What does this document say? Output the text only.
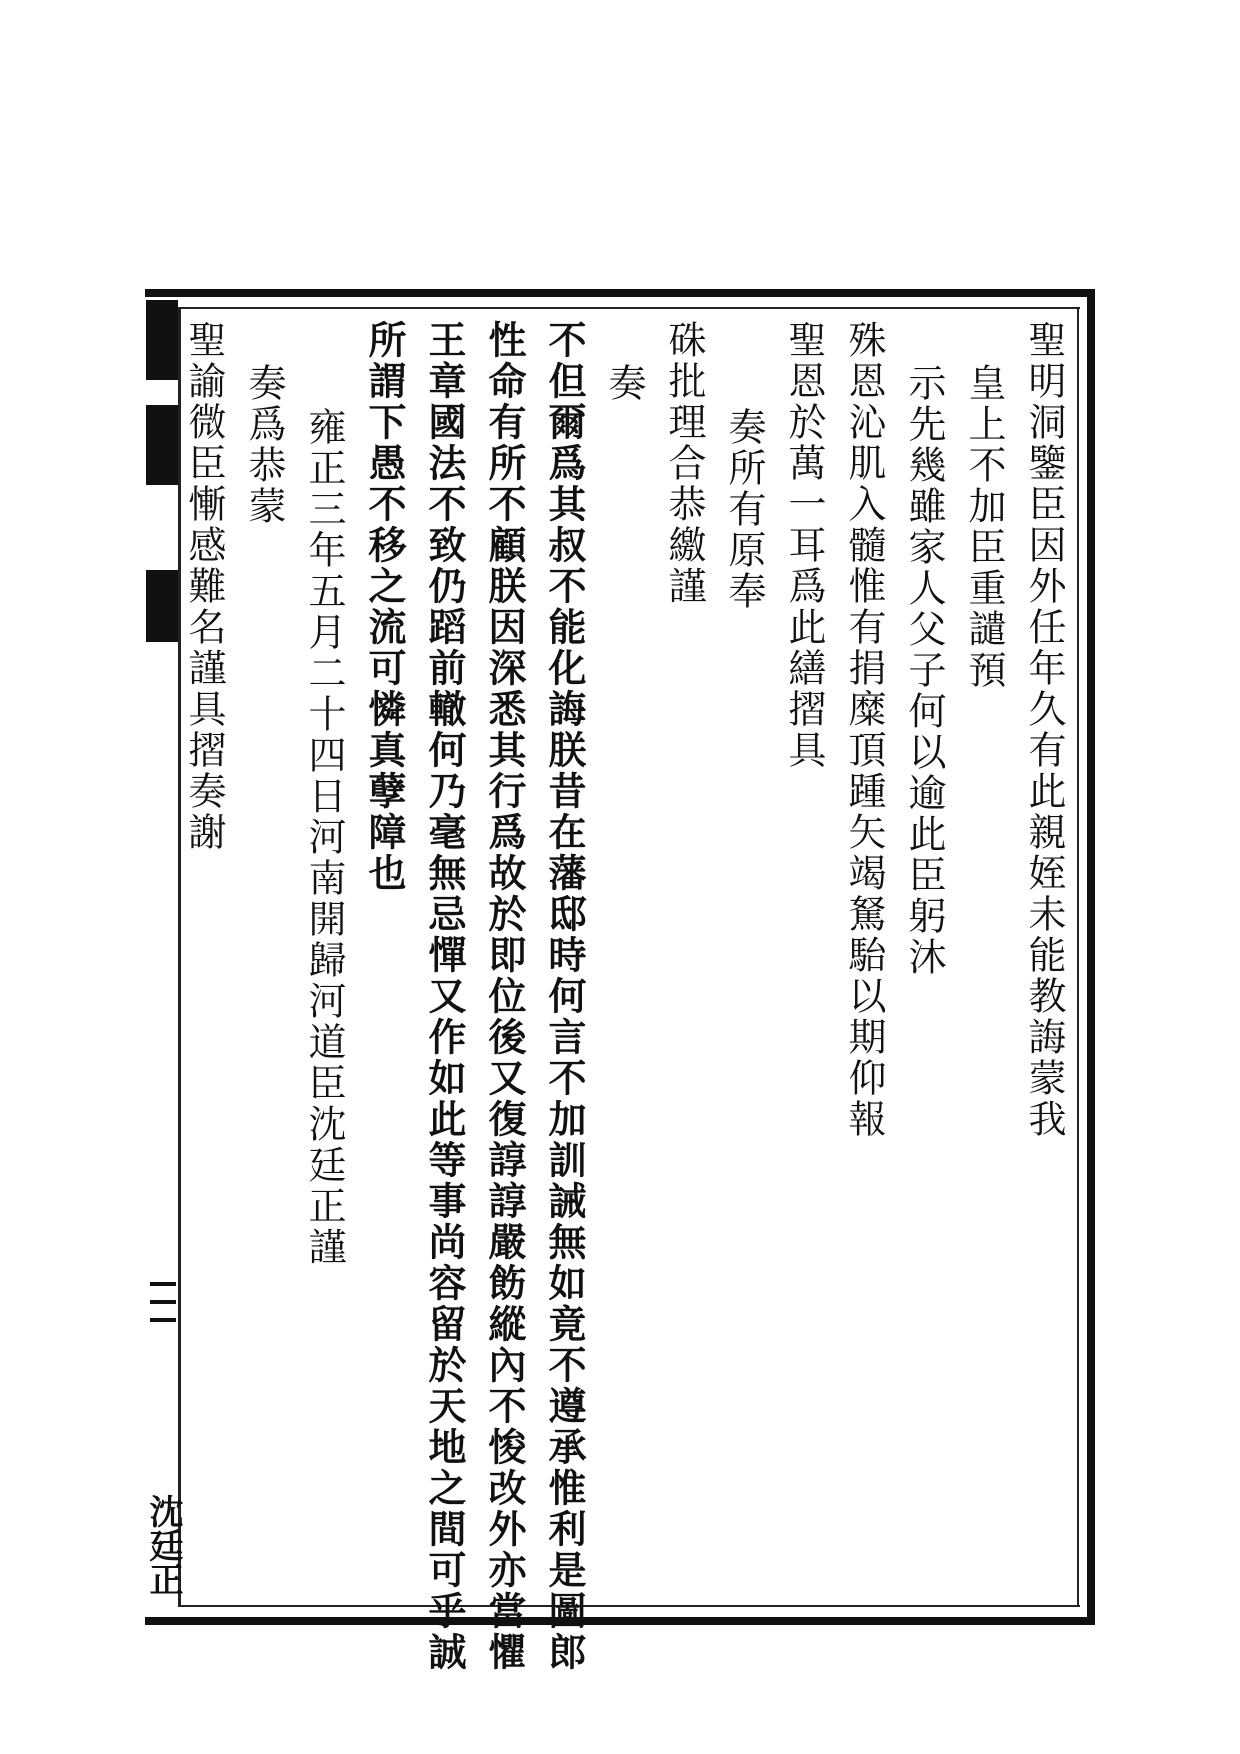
沈廷正
聖明洞鑒臣因外任年久有此親姪未能教誨蒙我
皇上不加臣重譴預
示先幾雖家人父子何以逾此臣躬沐
殊恩沁肌入髓惟有捐糜頂踵矢竭駑駘以期仰報
聖恩於萬一耳爲此繕摺具
奏所有原奉
硃批理合恭繳謹
奏
不但爾爲其叔不能化誨朕昔在藩邸時何言不加訓誡無如竟不遵承惟利是圖郎
性命有所不顧朕因深悉其行爲故於即位後又復諄諄嚴飭縱內不悛改外亦當懼
王章國法不致仍蹈前轍何乃毫無忌憚又作如此等事尚容留於天地之間可乎誠
所謂下愚不移之流可憐真孽障也
雍正三年五月二十四日河南開歸河道臣沈廷正謹
奏爲恭蒙
聖諭微臣慚感難名謹具摺奏謝
